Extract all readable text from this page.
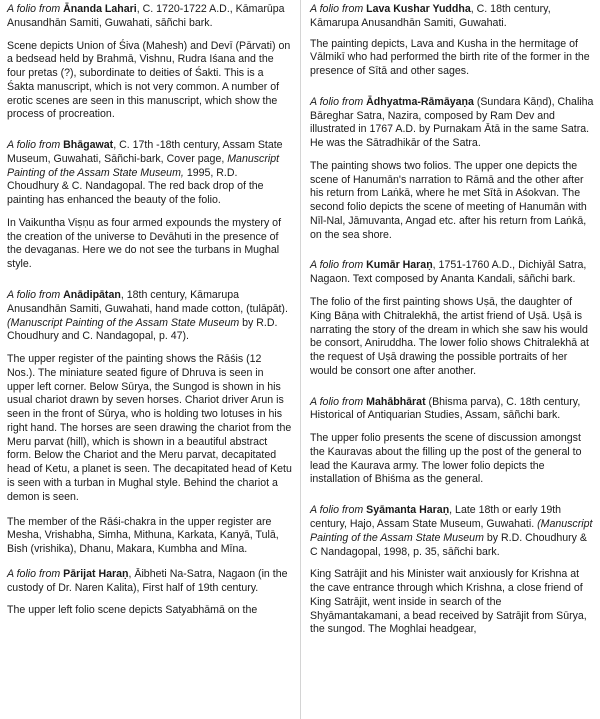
A folio from Ānanda Lahari, C. 1720-1722 A.D., Kāmarūpa Anusandhān Samiti, Guwahati, sāñchi bark.

Scene depicts Union of Śiva (Mahesh) and Devī (Pārvati) on a bedsead held by Brahmā, Vishnu, Rudra Iśana and the four pretas (?), subordinate to deities of Śakti. This is a Śakta manuscript, which is not very common. A number of erotic scenes are seen in this manuscript, which show the process of procreation.

A folio from Bhāgawat, C. 17th -18th century, Assam State Museum, Guwahati, Sāñchi-bark, Cover page, Manuscript Painting of the Assam State Museum, 1995, R.D. Choudhury & C. Nandagopal. The red back drop of the painting has enhanced the beauty of the folio.

In Vaikuntha Viṣṇu as four armed expounds the mystery of the creation of the universe to Devāhuti in the presence of the devaganas. Here we do not see the turbans in Mughal style.

A folio from Anādipātan, 18th century, Kāmarupa Anusandhān Samiti, Guwahati, hand made cotton, (tulāpāt). (Manuscript Painting of the Assam State Museum by R.D. Choudhury and C. Nandagopal, p. 47).

The upper register of the painting shows the Rāśis (12 Nos.). The miniature seated figure of Dhruva is seen in upper left corner. Below Sūrya, the Sungod is shown in his usual chariot drawn by seven horses. Chariot driver Arun is seen in the front of Sūrya, who is holding two lotuses in his right hand. The horses are seen drawing the chariot from the Meru parvat (hill), which is shown in a beautiful abstract form. Below the Chariot and the Meru parvat, decapitated head of Ketu, a planet is seen. The decapitated head of Ketu is seen with a turban in Mughal style. Behind the chariot a demon is seen.

The member of the Rāśi-chakra in the upper register are Mesha, Vrishabha, Simha, Mithuna, Karkata, Kanyā, Tulā, Bish (vrishika), Dhanu, Makara, Kumbha and Mīna.

A folio from Pārijat Haraṇ, Āibheti Na-Satra, Nagaon (in the custody of Dr. Naren Kalita), First half of 19th century.

The upper left folio scene depicts Satyabhāmā on the

A folio from Lava Kushar Yuddha, C. 18th century, Kāmarupa Anusandhān Samiti, Guwahati.

The painting depicts, Lava and Kusha in the hermitage of Vālmikī who had performed the birth rite of the former in the presence of Sītā and other sages.

A folio from Ādhyatma-Rāmāyaṇa (Sundara Kāṇd), Chaliha Bāreghar Satra, Nazira, composed by Ram Dev and illustrated in 1767 A.D. by Purnakam Ātā in the same Satra. He was the Sātradhikār of the Satra.

The painting shows two folios. The upper one depicts the scene of Hanumān's narration to Rāmā and the other after his return from Laṅkā, where he met Sītā in Aśokvan. The second folio depicts the scene of meeting of Hanumān with Nīl-Nal, Jāmuvanta, Angad etc. after his return from Laṅkā, on the sea shore.

A folio from Kumār Haraṇ, 1751-1760 A.D., Dichiyāl Satra, Nagaon. Text composed by Ananta Kandali, sāñchi bark.

The folio of the first painting shows Uṣā, the daughter of King Bāṇa with Chitralekhā, the artist friend of Uṣā. Uṣā is narrating the story of the dream in which she saw his would be consort, Aniruddha. The lower folio shows Chitralekhā at the request of Uṣā drawing the possible portraits of her would be consort one after another.

A folio from Mahābhārat (Bhisma parva), C. 18th century, Historical of Antiquarian Studies, Assam, sāñchi bark.

The upper folio presents the scene of discussion amongst the Kauravas about the filling up the post of the general to lead the Kaurava army. The lower folio depicts the installation of Bhiśma as the general.

A folio from Syāmanta Haraṇ, Late 18th or early 19th century, Hajo, Assam State Museum, Guwahati. (Manuscript Painting of the Assam State Museum by R.D. Choudhury & C Nandagopal, 1998, p. 35, sāñchi bark.

King Satrājit and his Minister wait anxiously for Krishna at the cave entrance through which Krishna, a close friend of King Satrājit, went inside in search of the Shyāmantakamani, a bead received by Satrājit from Sūrya, the sungod. The Moghlai headgear,
